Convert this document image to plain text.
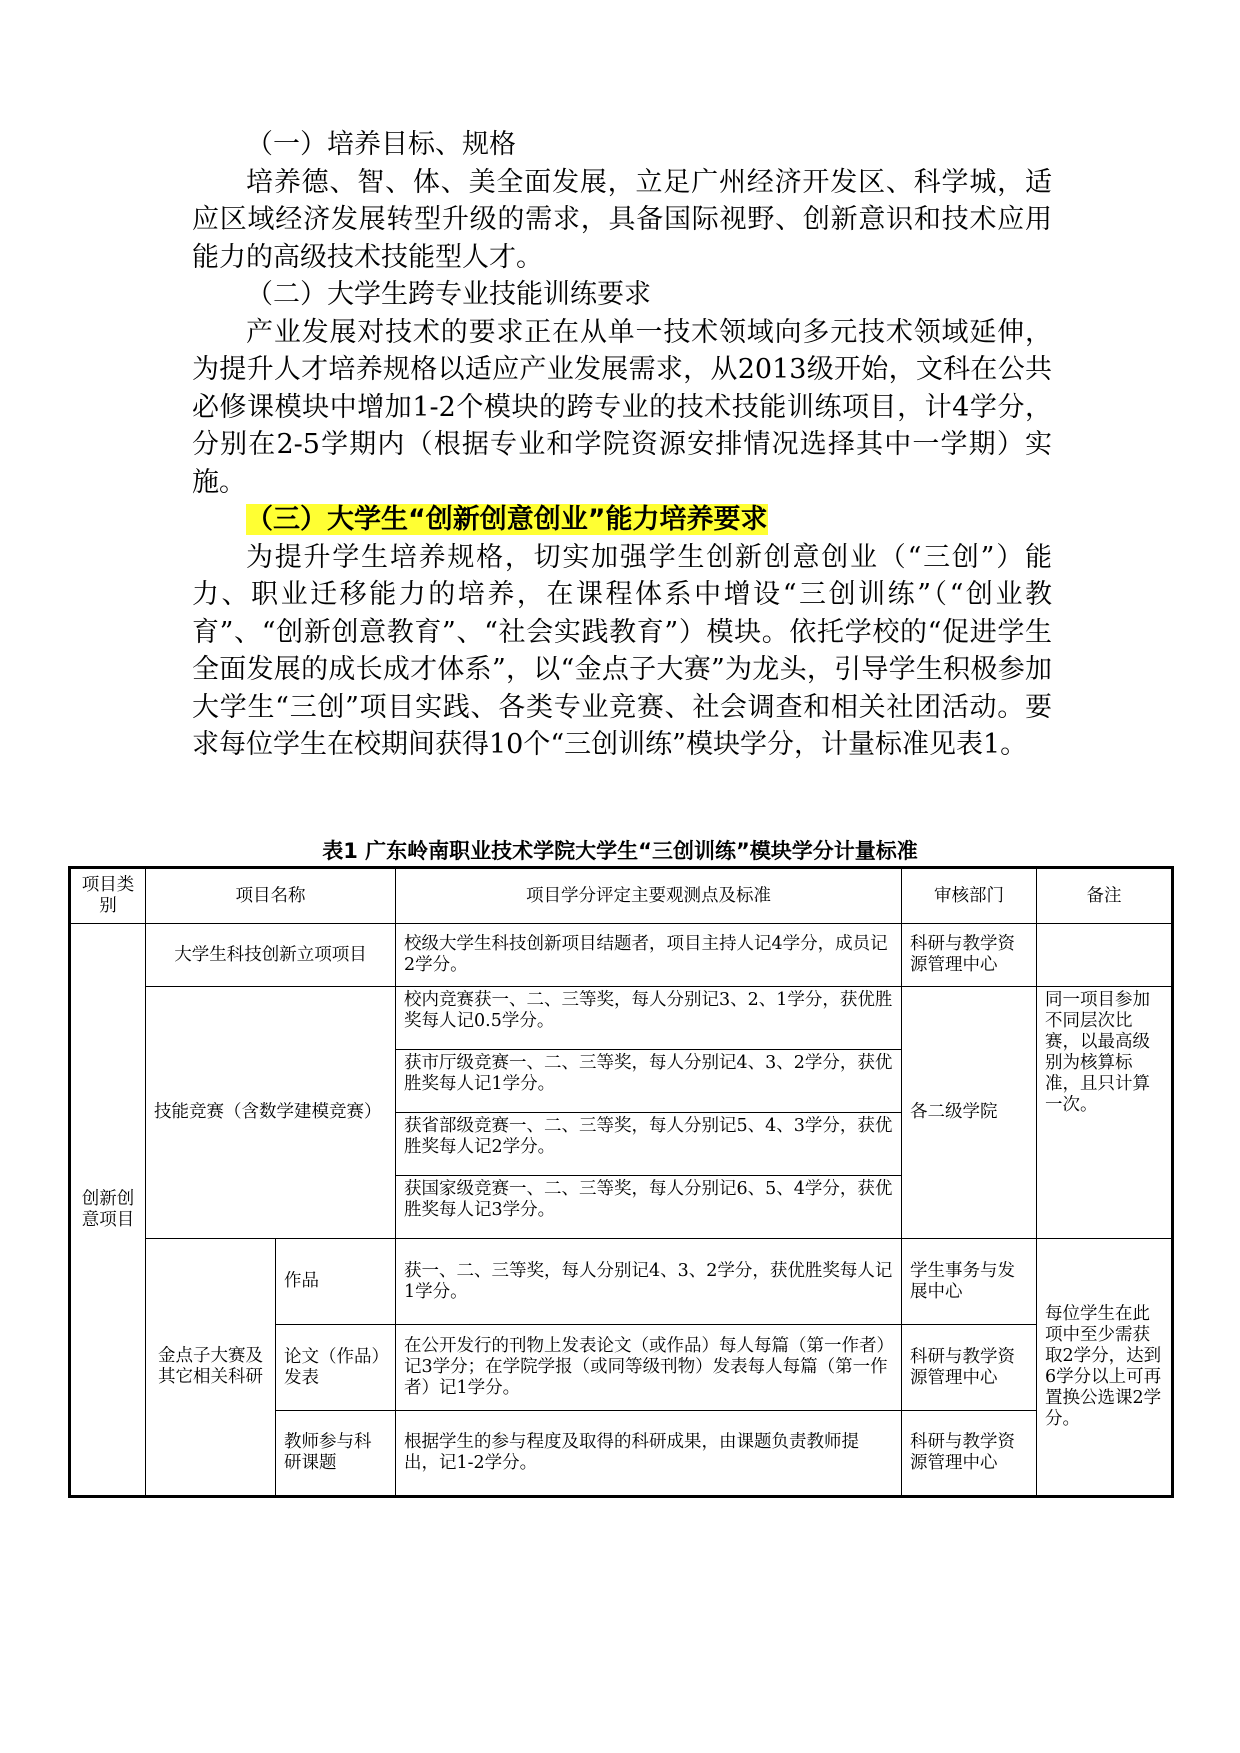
（一）培养目标、规格

培养德、智、体、美全面发展，立足广州经济开发区、科学城，适应区域经济发展转型升级的需求，具备国际视野、创新意识和技术应用能力的高级技术技能型人才。

（二）大学生跨专业技能训练要求

产业发展对技术的要求正在从单一技术领域向多元技术领域延伸，为提升人才培养规格以适应产业发展需求，从2013级开始，文科在公共必修课模块中增加1-2个模块的跨专业的技术技能训练项目，计4学分，分别在2-5学期内（根据专业和学院资源安排情况选择其中一学期）实施。

（三）大学生“创新创意创业”能力培养要求

为提升学生培养规格，切实加强学生创新创意创业（“三创”）能力、职业迁移能力的培养，在课程体系中增设“三创训练”（“创业教育”、“创新创意教育”、“社会实践教育”）模块。依托学校的“促进学生全面发展的成长成才体系”，以“金点子大赛”为龙头，引导学生积极参加大学生“三创”项目实践、各类专业竞赛、社会调查和相关社团活动。要求每位学生在校期间获得10个“三创训练”模块学分，计量标准见表1。

表1 广东岭南职业技术学院大学生“三创训练”模块学分计量标准
项目类别	项目名称		项目学分评定主要观测点及标准	审核部门	备注
创新创意项目	大学生科技创新立项项目		校级大学生科技创新项目结题者，项目主持人记4学分，成员记2学分。	科研与教学资源管理中心	
	技能竞赛（含数学建模竞赛）		校内竞赛获一、二、三等奖，每人分别记3、2、1学分，获优胜奖每人记0.5学分。	各二级学院	同一项目参加不同层次比赛，以最高级别为核算标准，且只计算一次。
			获市厅级竞赛一、二、三等奖，每人分别记4、3、2学分，获优胜奖每人记1学分。		
			获省部级竞赛一、二、三等奖，每人分别记5、4、3学分，获优胜奖每人记2学分。		
			获国家级竞赛一、二、三等奖，每人分别记6、5、4学分，获优胜奖每人记3学分。		
	金点子大赛及其它相关科研	作品	获一、二、三等奖，每人分别记4、3、2学分，获优胜奖每人记1学分。	学生事务与发展中心	每位学生在此项中至少需获取2学分，达到6学分以上可再置换公选课2学分。
		论文（作品）发表	在公开发行的刊物上发表论文（或作品）每人每篇（第一作者）记3学分；在学院学报（或同等级刊物）发表每人每篇（第一作者）记1学分。	科研与教学资源管理中心	
		教师参与科研课题	根据学生的参与程度及取得的科研成果，由课题负责教师提出，记1-2学分。	科研与教学资源管理中心	
